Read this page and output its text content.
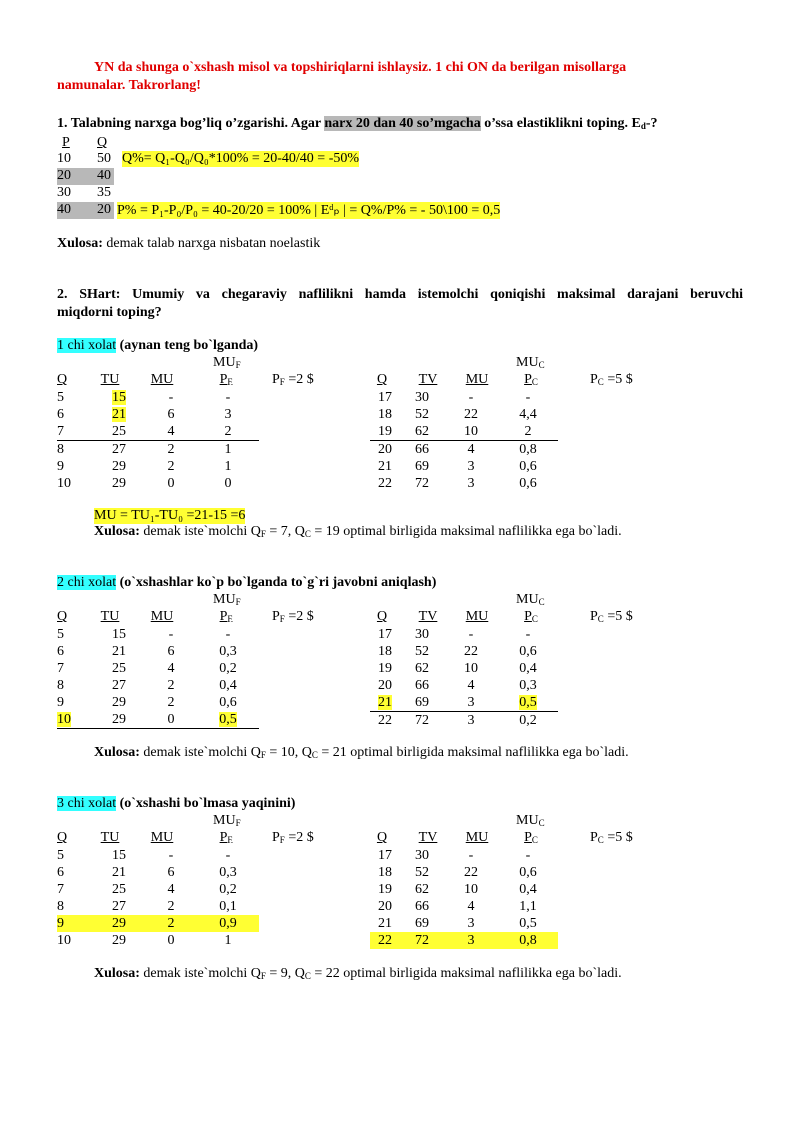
YN da shunga o`xshash misol va topshiriqlarni ishlaysiz. 1 chi ON da berilgan misollarga
namunalar. Takrorlang!
1. Talabning narxga bog’liq o’zgarishi. Agar narx 20 dan 40 so’mgacha o’ssa elastiklikni toping. $E_d-$?
P Q
10 50
20 40
30 35
40 20
Q%= Q₁-Q₀/Q₀*100% = 20-40/40 = -50%
P% = P₁-P₀/P₀ = 40-20/20 = 100% | Eᵈₚ | = Q%/P% = - 50\100 = 0,5
Xulosa: demak talab narxga nisbatan noelastik
2. SHart: Umumiy va chegaraviy naflilikni hamda istemolchi qoniqishi maksimal darajani beruvchi
miqdorni toping?
1 chi xolat (aynan teng bo`lganda)
$MU_F$	$MU_C$
Q	TU	MU	$P_F$	$P_F =2$ $	Q	TV	MU	$P_C$	$P_C =5$ $
5	15	-	-
6	21	6	3
7	25	4	2
8	27	2	1
9	29	2	1
10	29	0	0
17	30	-	-
18	52	22	4,4
19	62	10	2
20	66	4	0,8
21	69	3	0,6
22	72	3	0,6
MU = TU₁-TU₀ =21-15 =6
Xulosa: demak iste`molchi $Q_F = 7$, $Q_C = 19$ optimal birligida maksimal naflilikka ega bo`ladi.
2 chi xolat (o`xshashlar ko`p bo`lganda to`g`ri javobni aniqlash)
$MU_F$	$MU_C$
Q	TU	MU	$P_F$	$P_F =2$ $	Q	TV	MU	$P_C$	$P_C =5$ $
5	15	-	-
6	21	6	0,3
7	25	4	0,2
8	27	2	0,4
9	29	2	0,6
10	29	0	0,5
17	30	-	-
18	52	22	0,6
19	62	10	0,4
20	66	4	0,3
21	69	3	0,5
22	72	3	0,2
Xulosa: demak iste`molchi $Q_F = 10$, $Q_C = 21$ optimal birligida maksimal naflilikka ega bo`ladi.
3 chi xolat (o`xshashi bo`lmasa yaqinini)
$MU_F$	$MU_C$
Q	TU	MU	$P_F$	$P_F =2$ $	Q	TV	MU	$P_C$	$P_C =5$ $
5	15	-	-
6	21	6	0,3
7	25	4	0,2
8	27	2	0,1
9	29	2	0,9
10	29	0	1
17	30	-	-
18	52	22	0,6
19	62	10	0,4
20	66	4	1,1
21	69	3	0,5
22	72	3	0,8
Xulosa: demak iste`molchi $Q_F = 9$, $Q_C = 22$ optimal birligida maksimal naflilikka ega bo`ladi.
